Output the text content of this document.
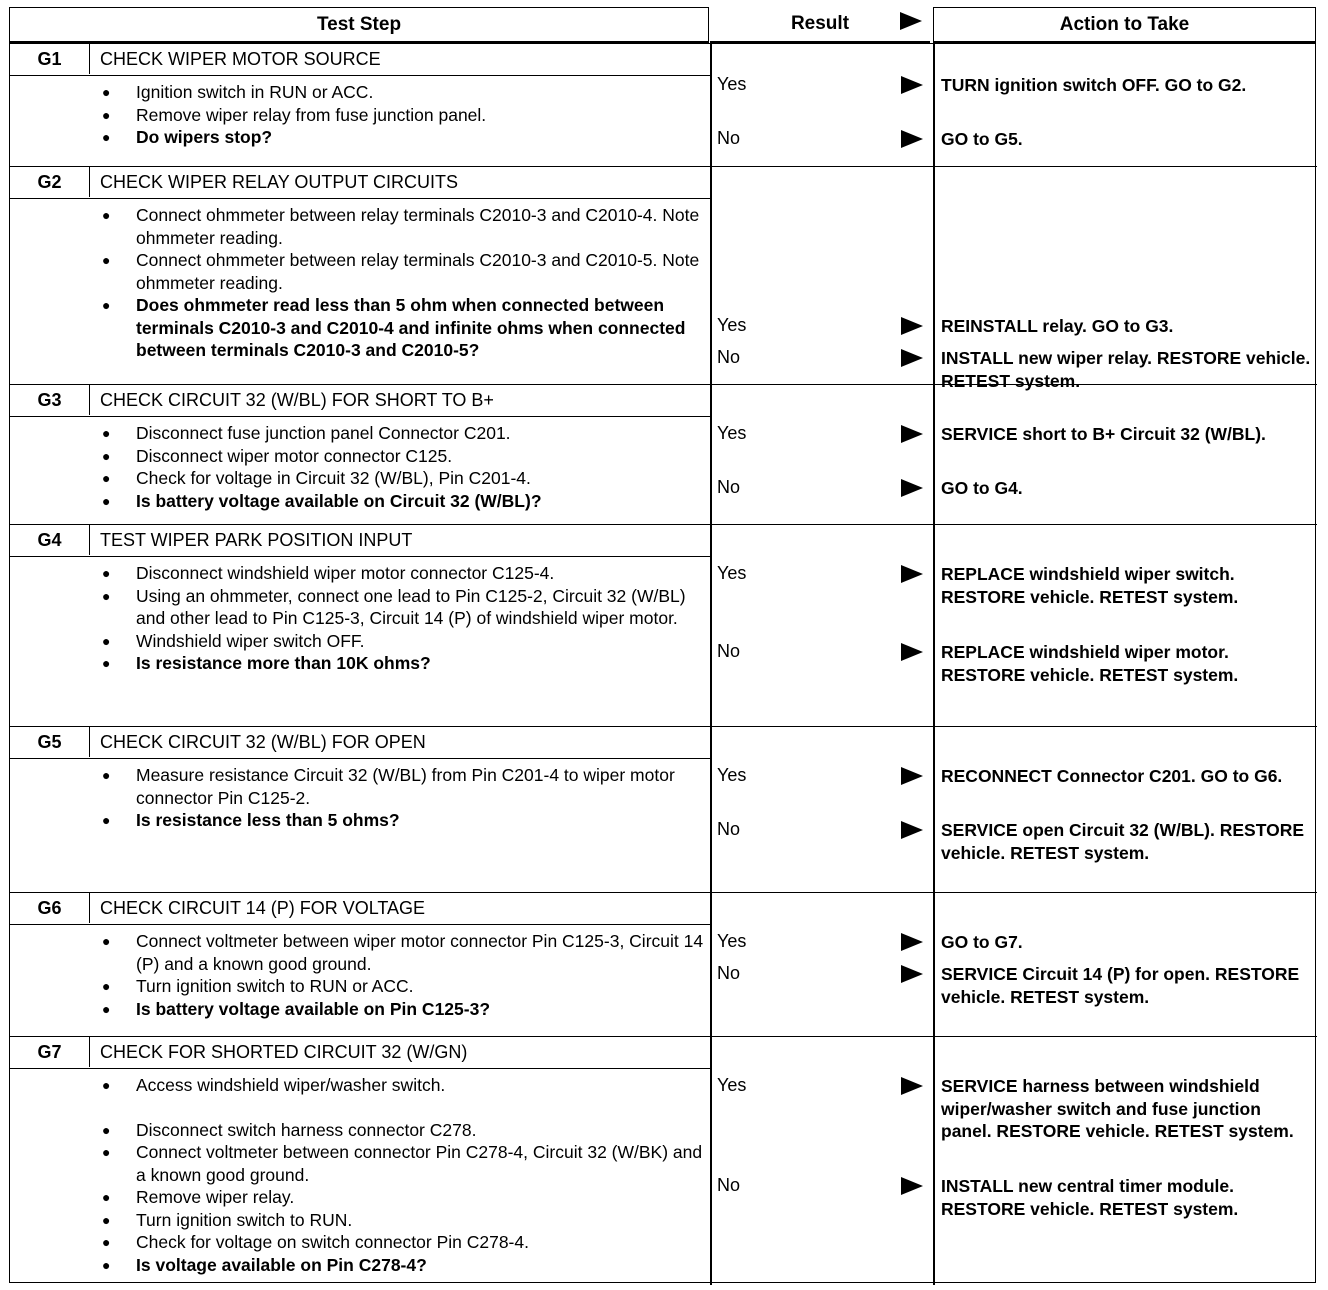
Test Step	Result	Action to Take
G1	CHECK WIPER MOTOR SOURCE
● Ignition switch in RUN or ACC.
● Remove wiper relay from fuse junction panel.
● Do wipers stop?
Yes	TURN ignition switch OFF. GO to G2.
No	GO to G5.
G2	CHECK WIPER RELAY OUTPUT CIRCUITS
● Connect ohmmeter between relay terminals C2010-3 and C2010-4. Note ohmmeter reading.
● Connect ohmmeter between relay terminals C2010-3 and C2010-5. Note ohmmeter reading.
● Does ohmmeter read less than 5 ohm when connected between terminals C2010-3 and C2010-4 and infinite ohms when connected between terminals C2010-3 and C2010-5?
Yes	REINSTALL relay. GO to G3.
No	INSTALL new wiper relay. RESTORE vehicle. RETEST system.
G3	CHECK CIRCUIT 32 (W/BL) FOR SHORT TO B+
● Disconnect fuse junction panel Connector C201.
● Disconnect wiper motor connector C125.
● Check for voltage in Circuit 32 (W/BL), Pin C201-4.
● Is battery voltage available on Circuit 32 (W/BL)?
Yes	SERVICE short to B+ Circuit 32 (W/BL).
No	GO to G4.
G4	TEST WIPER PARK POSITION INPUT
● Disconnect windshield wiper motor connector C125-4.
● Using an ohmmeter, connect one lead to Pin C125-2, Circuit 32 (W/BL) and other lead to Pin C125-3, Circuit 14 (P) of windshield wiper motor.
● Windshield wiper switch OFF.
● Is resistance more than 10K ohms?
Yes	REPLACE windshield wiper switch. RESTORE vehicle. RETEST system.
No	REPLACE windshield wiper motor. RESTORE vehicle. RETEST system.
G5	CHECK CIRCUIT 32 (W/BL) FOR OPEN
● Measure resistance Circuit 32 (W/BL) from Pin C201-4 to wiper motor connector Pin C125-2.
● Is resistance less than 5 ohms?
Yes	RECONNECT Connector C201. GO to G6.
No	SERVICE open Circuit 32 (W/BL). RESTORE vehicle. RETEST system.
G6	CHECK CIRCUIT 14 (P) FOR VOLTAGE
● Connect voltmeter between wiper motor connector Pin C125-3, Circuit 14 (P) and a known good ground.
● Turn ignition switch to RUN or ACC.
● Is battery voltage available on Pin C125-3?
Yes	GO to G7.
No	SERVICE Circuit 14 (P) for open. RESTORE vehicle. RETEST system.
G7	CHECK FOR SHORTED CIRCUIT 32 (W/GN)
● Access windshield wiper/washer switch.
● Disconnect switch harness connector C278.
● Connect voltmeter between connector Pin C278-4, Circuit 32 (W/BK) and a known good ground.
● Remove wiper relay.
● Turn ignition switch to RUN.
● Check for voltage on switch connector Pin C278-4.
● Is voltage available on Pin C278-4?
Yes	SERVICE harness between windshield wiper/washer switch and fuse junction panel. RESTORE vehicle. RETEST system.
No	INSTALL new central timer module. RESTORE vehicle. RETEST system.
